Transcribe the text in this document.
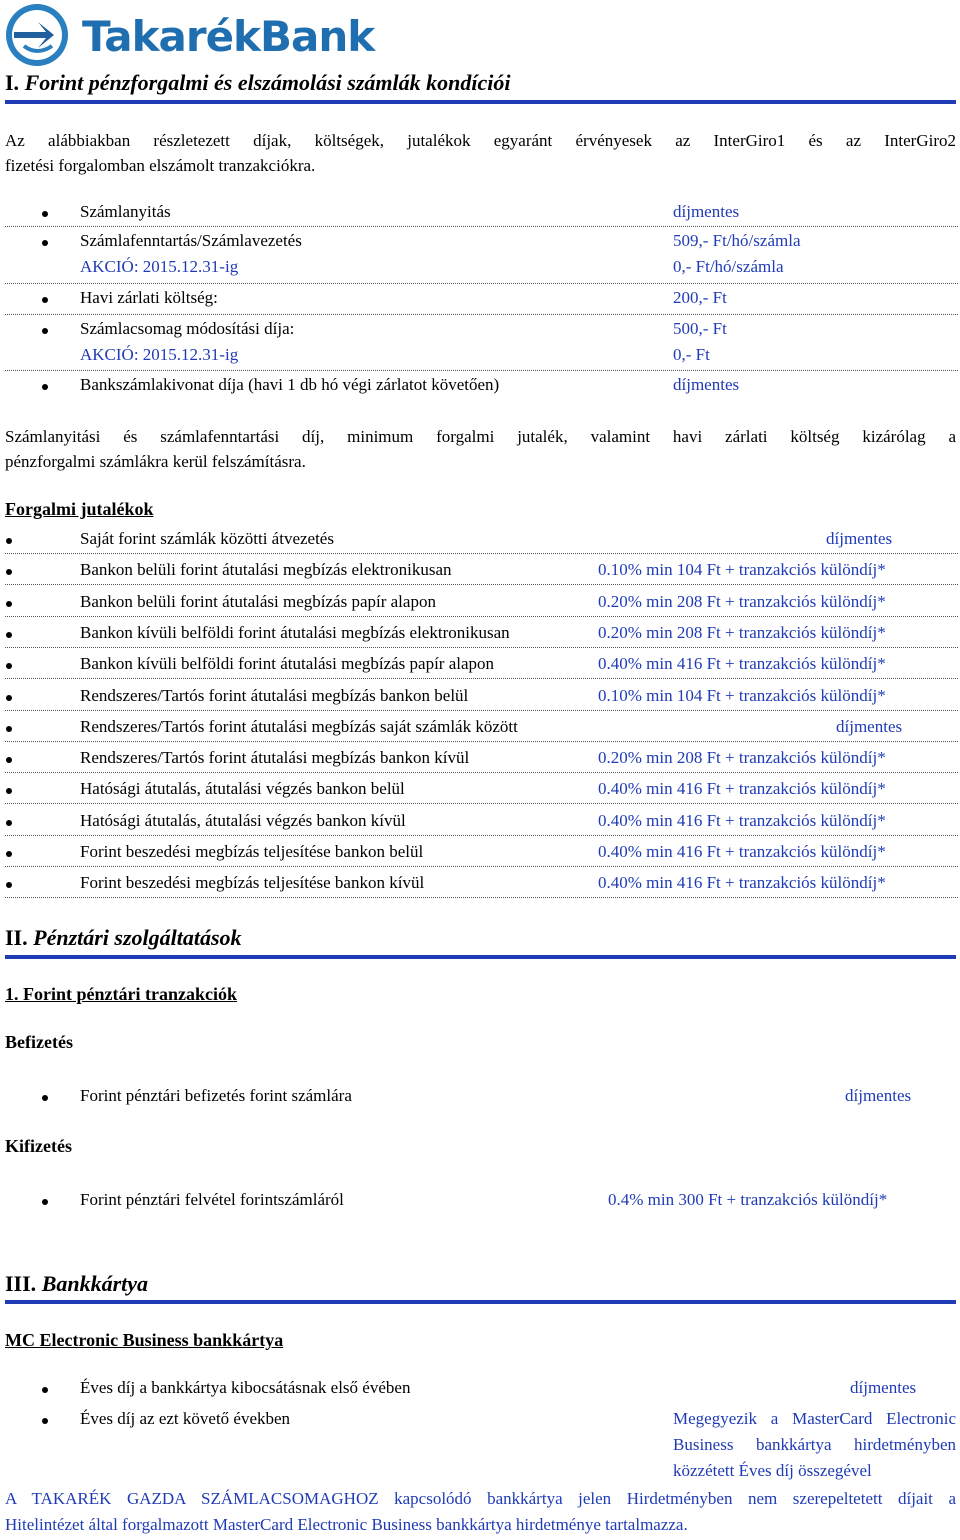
TakarékBank
I. Forint pénzforgalmi és elszámolási számlák kondíciói
Az alábbiakban részletezett díjak, költségek, jutalékok egyaránt érvényesek az InterGiro1 és az InterGiro2
fizetési forgalomban elszámolt tranzakciókra.
Számlanyitás	díjmentes
Számlafenntartás/Számlavezetés	509,- Ft/hó/számla
AKCIÓ: 2015.12.31-ig	0,- Ft/hó/számla
Havi zárlati költség:	200,- Ft
Számlacsomag módosítási díja:	500,- Ft
AKCIÓ: 2015.12.31-ig	0,- Ft
Bankszámlakivonat díja (havi 1 db hó végi zárlatot követően)	díjmentes
Számlanyitási és számlafenntartási díj, minimum forgalmi jutalék, valamint havi zárlati költség kizárólag a
pénzforgalmi számlákra kerül felszámításra.
Forgalmi jutalékok
Saját forint számlák közötti átvezetés	díjmentes
Bankon belüli forint átutalási megbízás elektronikusan	0.10% min 104 Ft + tranzakciós különdíj*
Bankon belüli forint átutalási megbízás papír alapon	0.20% min 208 Ft + tranzakciós különdíj*
Bankon kívüli belföldi forint átutalási megbízás elektronikusan	0.20% min 208 Ft + tranzakciós különdíj*
Bankon kívüli belföldi forint átutalási megbízás papír alapon	0.40% min 416 Ft + tranzakciós különdíj*
Rendszeres/Tartós forint átutalási megbízás bankon belül	0.10% min 104 Ft + tranzakciós különdíj*
Rendszeres/Tartós forint átutalási megbízás saját számlák között	díjmentes
Rendszeres/Tartós forint átutalási megbízás bankon kívül	0.20% min 208 Ft + tranzakciós különdíj*
Hatósági átutalás, átutalási végzés bankon belül	0.40% min 416 Ft + tranzakciós különdíj*
Hatósági átutalás, átutalási végzés bankon kívül	0.40% min 416 Ft + tranzakciós különdíj*
Forint beszedési megbízás teljesítése bankon belül	0.40% min 416 Ft + tranzakciós különdíj*
Forint beszedési megbízás teljesítése bankon kívül	0.40% min 416 Ft + tranzakciós különdíj*
II. Pénztári szolgáltatások
1. Forint pénztári tranzakciók
Befizetés
Forint pénztári befizetés forint számlára	díjmentes
Kifizetés
Forint pénztári felvétel forintszámláról	0.4% min 300 Ft + tranzakciós különdíj*
III. Bankkártya
MC Electronic Business bankkártya
Éves díj a bankkártya kibocsátásnak első évében	díjmentes
Éves díj az ezt követő években	Megegyezik a MasterCard Electronic
Business bankkártya hirdetményben
közzétett Éves díj összegével
A TAKARÉK GAZDA SZÁMLACSOMAGHOZ kapcsolódó bankkártya jelen Hirdetményben nem szerepeltetett díjait a
Hitelintézet által forgalmazott MasterCard Electronic Business bankkártya hirdetménye tartalmazza.
